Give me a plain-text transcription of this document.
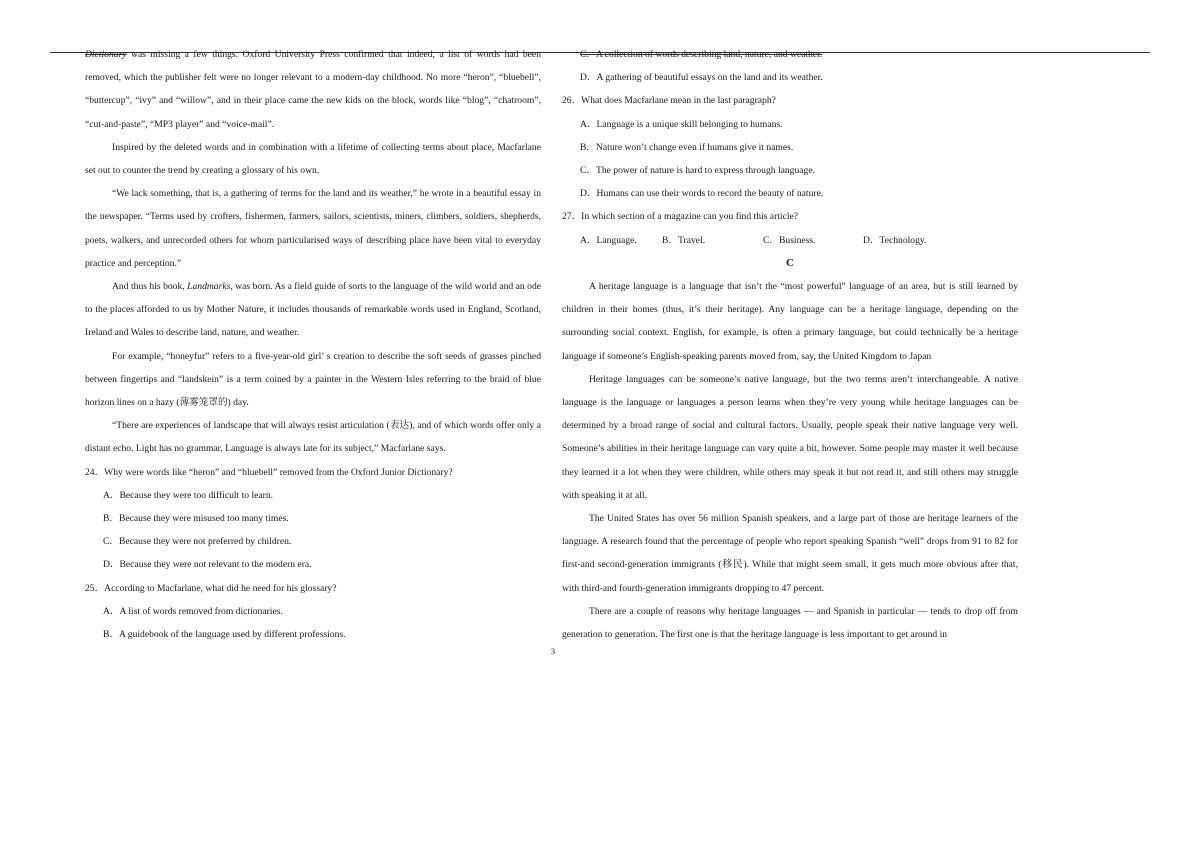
Dictionary was missing a few things. Oxford University Press confirmed that indeed, a list of words had been removed, which the publisher felt were no longer relevant to a modern-day childhood. No more “heron”, “bluebell”, “buttercup”, “ivy” and “willow”, and in their place came the new kids on the block, words like “blog”, “chatroom”, “cut-and-paste”, “MP3 player” and “voice-mail”.

Inspired by the deleted words and in combination with a lifetime of collecting terms about place, Macfarlane set out to counter the trend by creating a glossary of his own.

“We lack something, that is, a gathering of terms for the land and its weather,” he wrote in a beautiful essay in the newspaper. “Terms used by crofters, fishermen, farmers, sailors, scientists, miners, climbers, soldiers, shepherds, poets, walkers, and unrecorded others for whom particularised ways of describing place have been vital to everyday practice and perception.”

And thus his book, Landmarks, was born. As a field guide of sorts to the language of the wild world and an ode to the places afforded to us by Mother Nature, it includes thousands of remarkable words used in England, Scotland, Ireland and Wales to describe land, nature, and weather.

For example, “honeyfur” refers to a five-year-old girl’ s creation to describe the soft seeds of grasses pinched between fingertips and “landskein” is a term coined by a painter in the Western Isles referring to the braid of blue horizon lines on a hazy (薄雾笼罩的) day.

“There are experiences of landscape that will always resist articulation (表达), and of which words offer only a distant echo. Light has no grammar. Language is always late for its subject,” Macfarlane says.

24．Why were words like “heron” and “bluebell” removed from the Oxford Junior Dictionary?

A．Because they were too difficult to learn.

B．Because they were misused too many times.

C．Because they were not preferred by children.

D．Because they were not relevant to the modern era.

25．According to Macfarlane, what did he need for his glossary?

A．A list of words removed from dictionaries.

B．A guidebook of the language used by different professions.

C．A collection of words describing land, nature, and weather.

D．A gathering of beautiful essays on the land and its weather.

26．What does Macfarlane mean in the last paragraph?

A．Language is a unique skill belonging to humans.

B．Nature won’t change even if humans give it names.

C．The power of nature is hard to express through language.

D．Humans can use their words to record the beauty of nature.

27．In which section of a magazine can you find this article?

A．Language.	B．Travel.	C．Business.	D．Technology.

C

A heritage language is a language that isn’t the “most powerful” language of an area, but is still learned by children in their homes (thus, it’s their heritage). Any language can be a heritage language, depending on the surrounding social context. English, for example, is often a primary language, but could technically be a heritage language if someone’s English-speaking parents moved from, say, the United Kingdom to Japan

Heritage languages can be someone’s native language, but the two terms aren’t interchangeable. A native language is the language or languages a person learns when they’re very young while heritage languages can be determined by a broad range of social and cultural factors. Usually, people speak their native language very well. Someone’s abilities in their heritage language can vary quite a bit, however. Some people may master it well because they learned it a lot when they were children, while others may speak it but not read it, and still others may struggle with speaking it at all.

The United States has over 56 million Spanish speakers, and a large part of those are heritage learners of the language. A research found that the percentage of people who report speaking Spanish “well” drops from 91 to 82 for first-and second-generation immigrants (移民). While that might seem small, it gets much more obvious after that, with third-and fourth-generation immigrants dropping to 47 percent.

There are a couple of reasons why heritage languages — and Spanish in particular — tends to drop off from generation to generation. The first one is that the heritage language is less important to get around in

3
